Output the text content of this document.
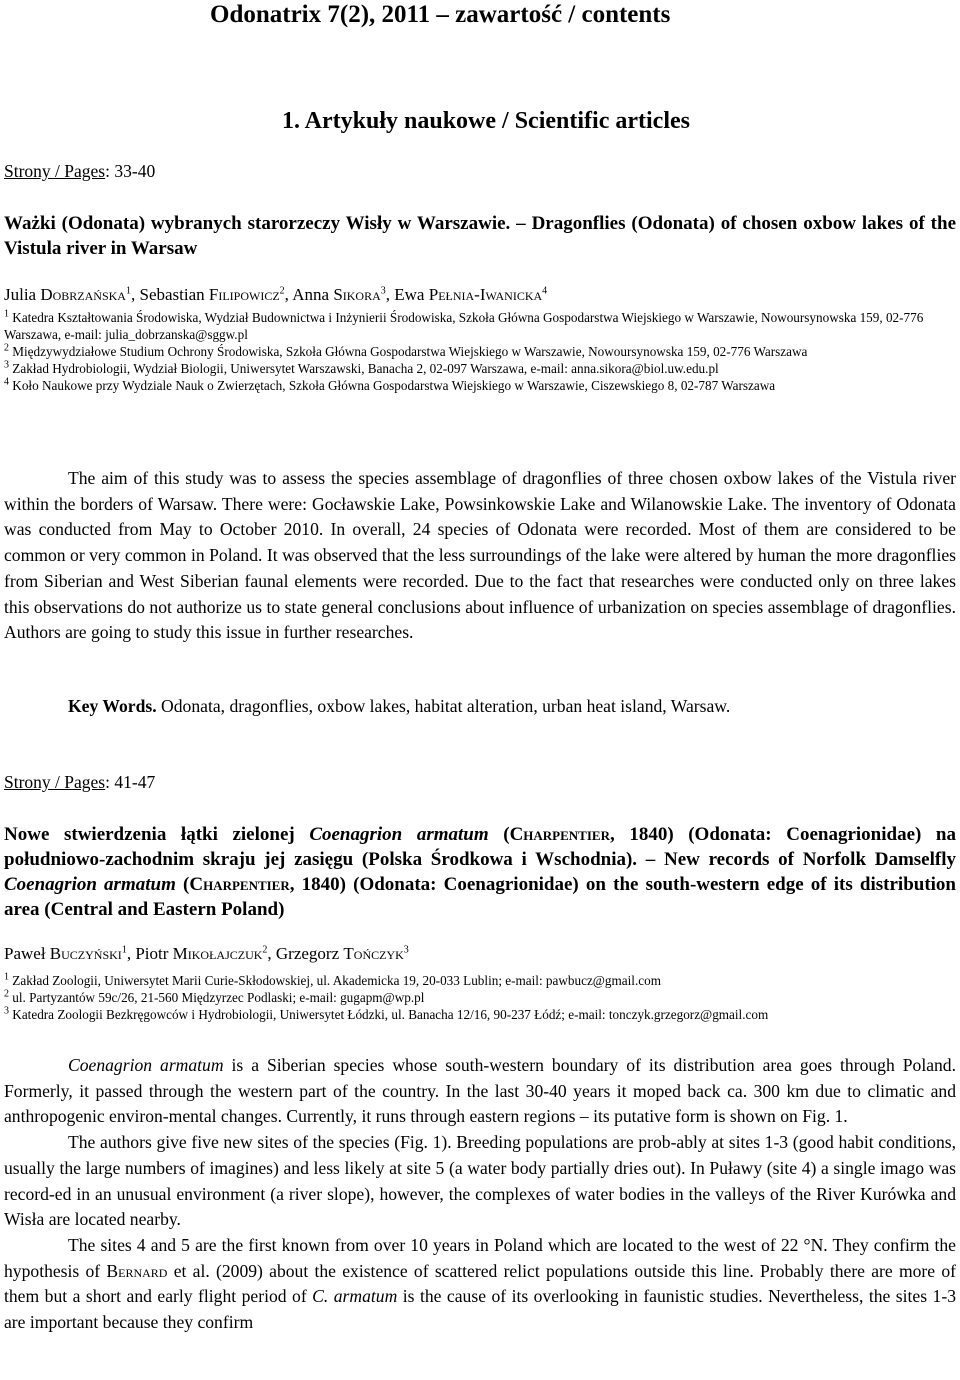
Odonatrix 7(2), 2011 – zawartość / contents
1. Artykuły naukowe / Scientific articles
Strony / Pages: 33-40
Ważki (Odonata) wybranych starorzeczy Wisły w Warszawie. – Dragonflies (Odonata) of chosen oxbow lakes of the Vistula river in Warsaw
Julia Dobrzańska$^1$, Sebastian Filipowicz$^2$, Anna Sikora$^3$, Ewa Pełnia-Iwanicka$^4$

$^1$ Katedra Kształtowania Środowiska, Wydział Budownictwa i Inżynierii Środowiska, Szkoła Główna Gospodarstwa Wiejskiego w Warszawie, Nowoursynowska 159, 02-776 Warszawa, e-mail: julia_dobrzanska@sggw.pl

$^2$ Międzywydziałowe Studium Ochrony Środowiska, Szkoła Główna Gospodarstwa Wiejskiego w Warszawie, Nowoursynowska 159, 02-776 Warszawa

$^3$ Zakład Hydrobiologii, Wydział Biologii, Uniwersytet Warszawski, Banacha 2, 02-097 Warszawa, e-mail: anna.sikora@biol.uw.edu.pl

$^4$ Koło Naukowe przy Wydziale Nauk o Zwierzętach, Szkoła Główna Gospodarstwa Wiejskiego w Warszawie, Ciszewskiego 8, 02-787 Warszawa

The aim of this study was to assess the species assemblage of dragonflies of three chosen oxbow lakes of the Vistula river within the borders of Warsaw. There were: Gocławskie Lake, Powsinkowskie Lake and Wilanowskie Lake. The inventory of Odonata was conducted from May to October 2010. In overall, 24 species of Odonata were recorded. Most of them are considered to be common or very common in Poland. It was observed that the less surroundings of the lake were altered by human the more dragonflies from Siberian and West Siberian faunal elements were recorded. Due to the fact that researches were conducted only on three lakes this observations do not authorize us to state general conclusions about influence of urbanization on species assemblage of dragonflies. Authors are going to study this issue in further researches.

Key Words. Odonata, dragonflies, oxbow lakes, habitat alteration, urban heat island, Warsaw.
Strony / Pages: 41-47
Nowe stwierdzenia łątki zielonej Coenagrion armatum (Charpentier, 1840) (Odonata: Coenagrionidae) na południowo-zachodnim skraju jej zasięgu (Polska Środkowa i Wschodnia). – New records of Norfolk Damselfly Coenagrion armatum (Charpentier, 1840) (Odonata: Coenagrionidae) on the south-western edge of its distribution area (Central and Eastern Poland)
Paweł Buczyński$^1$, Piotr Mikołajczuk$^2$, Grzegorz Tończyk$^3$

$^1$ Zakład Zoologii, Uniwersytet Marii Curie-Skłodowskiej, ul. Akademicka 19, 20-033 Lublin; e-mail: pawbucz@gmail.com

$^2$ ul. Partyzantów 59c/26, 21-560 Międzyrzec Podlaski; e-mail: gugapm@wp.pl

$^3$ Katedra Zoologii Bezkręgowców i Hydrobiologii, Uniwersytet Łódzki, ul. Banacha 12/16, 90-237 Łódź; e-mail: tonczyk.grzegorz@gmail.com

Coenagrion armatum is a Siberian species whose south-western boundary of its distribution area goes through Poland. Formerly, it passed through the western part of the country. In the last 30-40 years it moped back ca. 300 km due to climatic and anthropogenic environ-mental changes. Currently, it runs through eastern regions – its putative form is shown on Fig. 1.

The authors give five new sites of the species (Fig. 1). Breeding populations are prob-ably at sites 1-3 (good habit conditions, usually the large numbers of imagines) and less likely at site 5 (a water body partially dries out). In Puławy (site 4) a single imago was record-ed in an unusual environment (a river slope), however, the complexes of water bodies in the valleys of the River Kurówka and Wisła are located nearby.

The sites 4 and 5 are the first known from over 10 years in Poland which are located to the west of 22 °N. They confirm the hypothesis of Bernard et al. (2009) about the existence of scattered relict populations outside this line. Probably there are more of them but a short and early flight period of C. armatum is the cause of its overlooking in faunistic studies. Nevertheless, the sites 1-3 are important because they confirm
